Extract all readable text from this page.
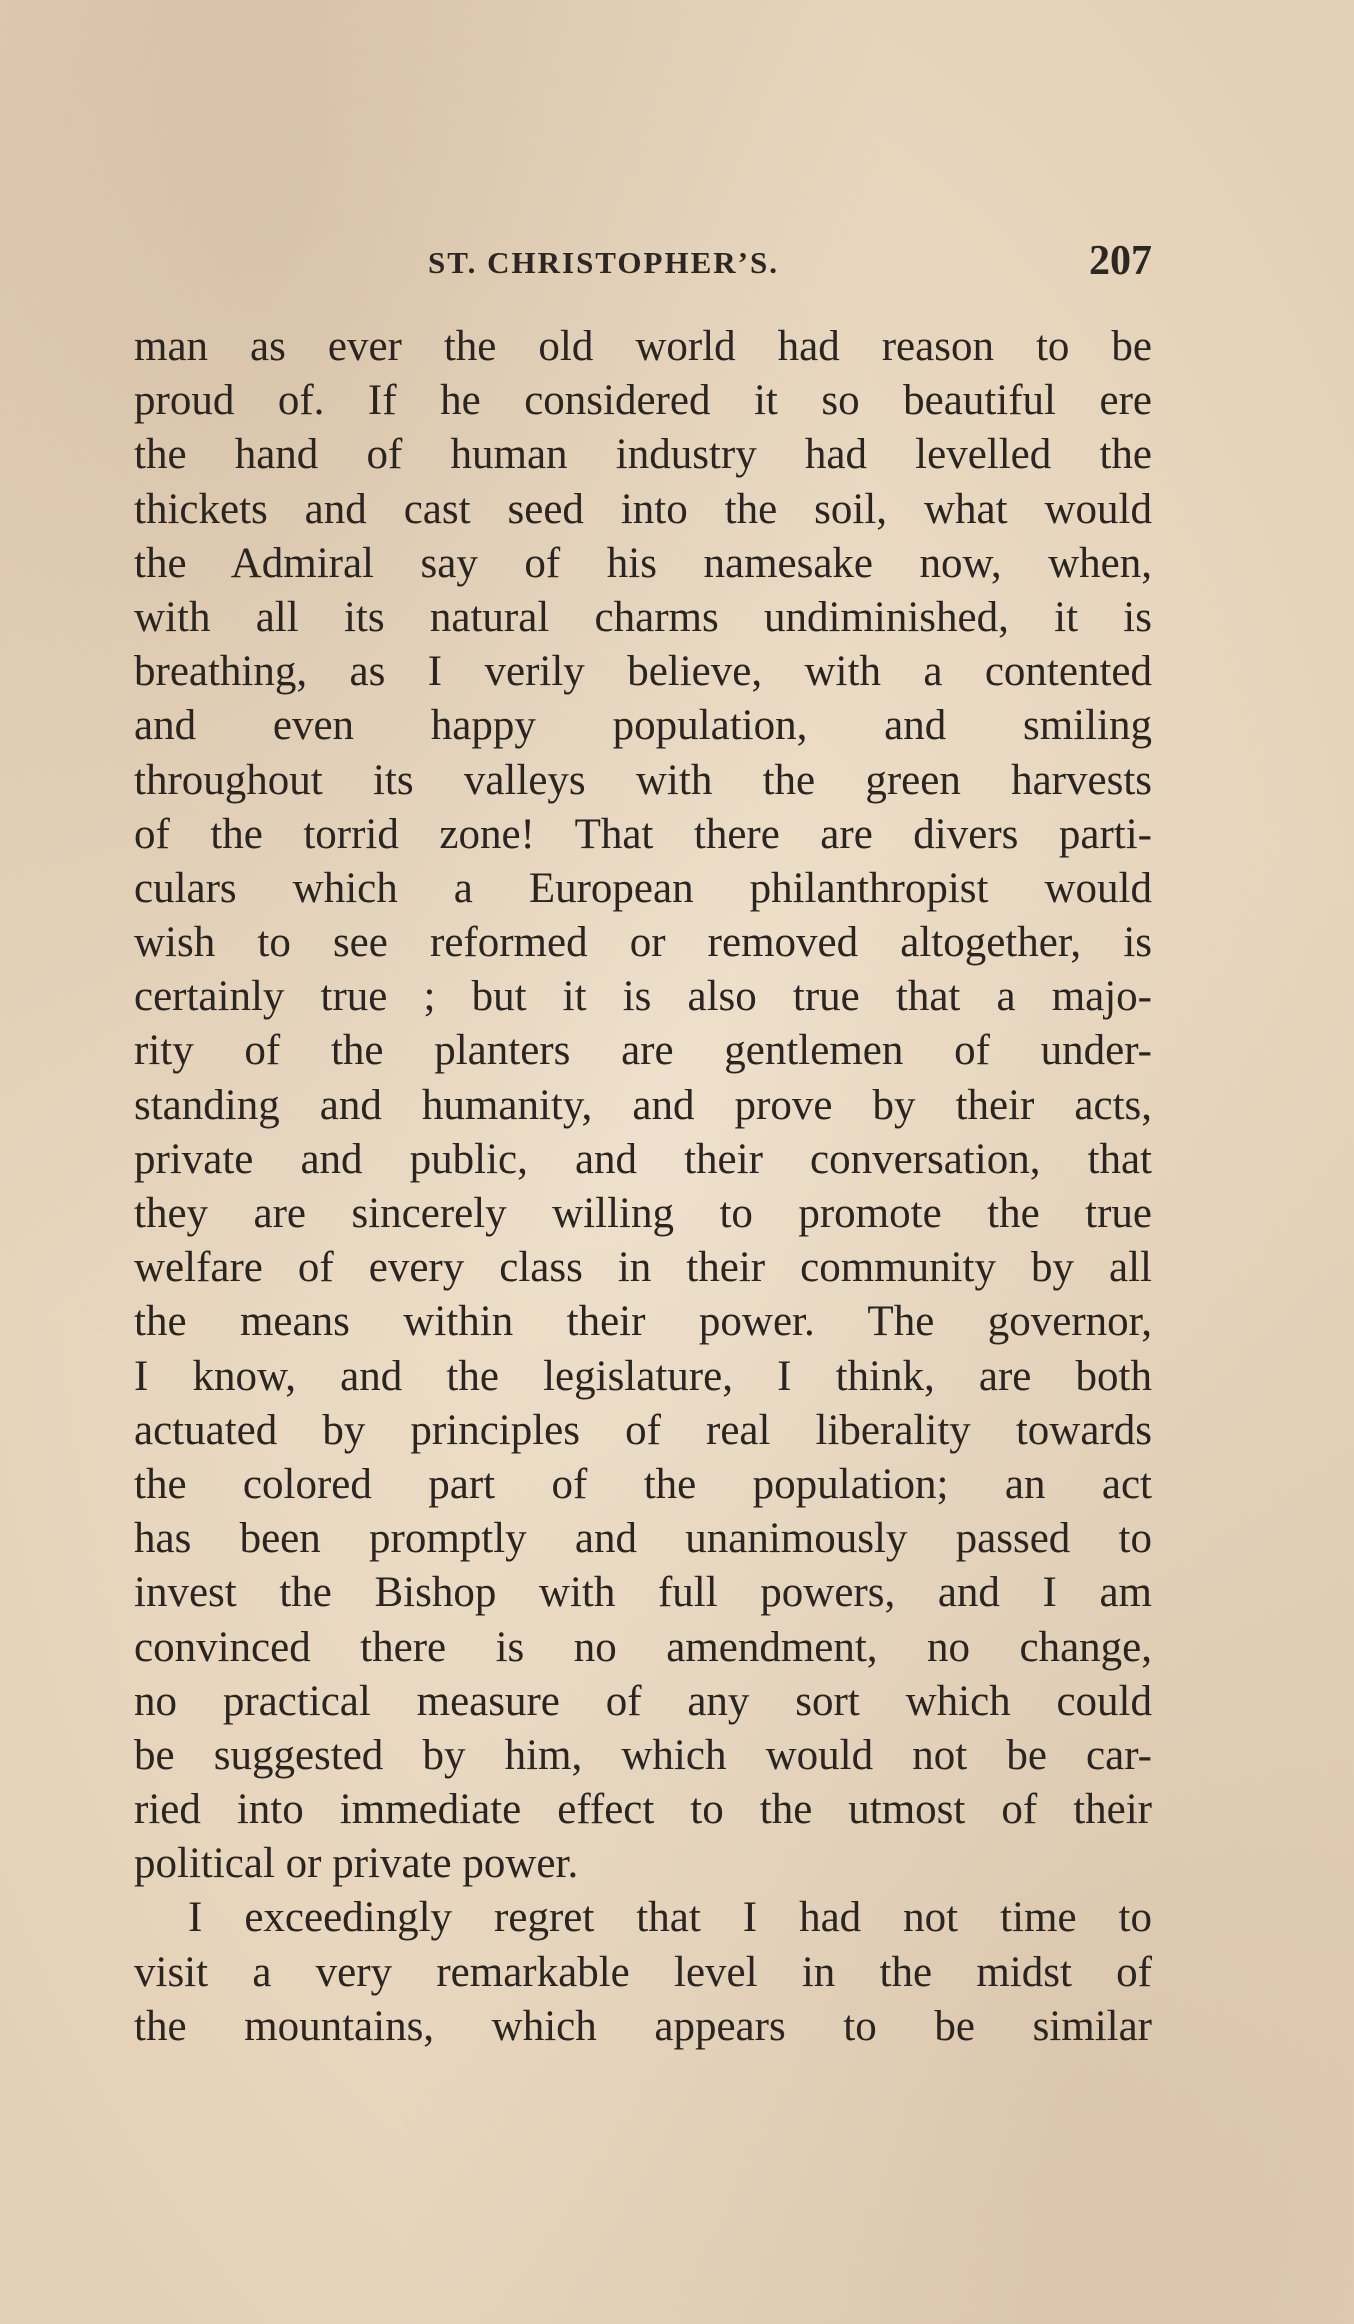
ST. CHRISTOPHER’S.	207
man as ever the old world had reason to be
proud of. If he considered it so beautiful ere
the hand of human industry had levelled the
thickets and cast seed into the soil, what would
the Admiral say of his namesake now, when,
with all its natural charms undiminished, it is
breathing, as I verily believe, with a contented
and even happy population, and smiling
throughout its valleys with the green harvests
of the torrid zone! That there are divers parti-
culars which a European philanthropist would
wish to see reformed or removed altogether, is
certainly true ; but it is also true that a majo-
rity of the planters are gentlemen of under-
standing and humanity, and prove by their acts,
private and public, and their conversation, that
they are sincerely willing to promote the true
welfare of every class in their community by all
the means within their power. The governor,
I know, and the legislature, I think, are both
actuated by principles of real liberality towards
the colored part of the population; an act
has been promptly and unanimously passed to
invest the Bishop with full powers, and I am
convinced there is no amendment, no change,
no practical measure of any sort which could
be suggested by him, which would not be car-
ried into immediate effect to the utmost of their
political or private power.
I exceedingly regret that I had not time to
visit a very remarkable level in the midst of
the mountains, which appears to be similar
